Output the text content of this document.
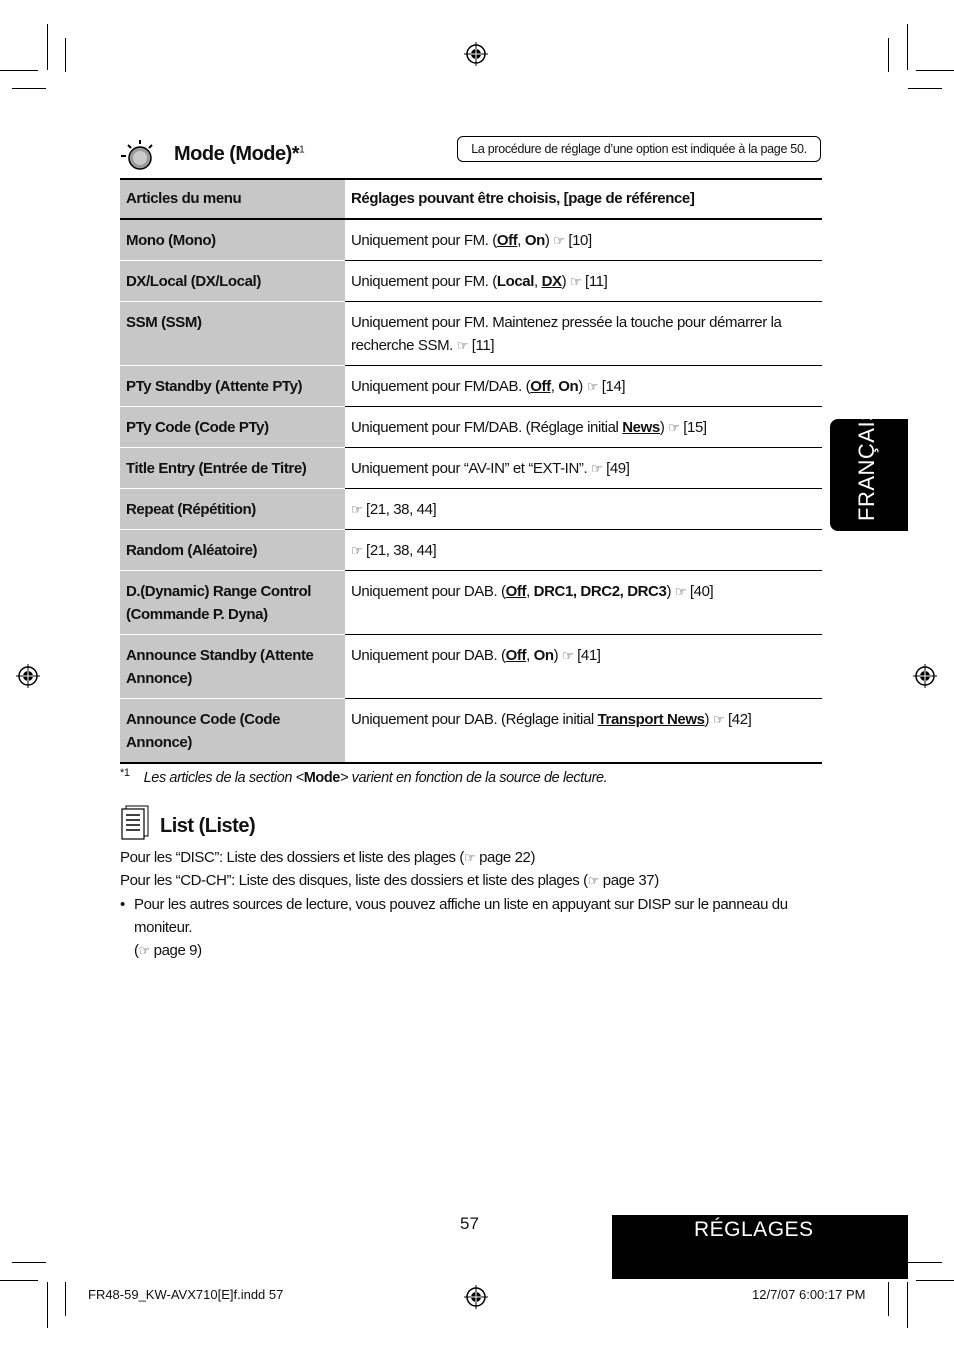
Mode (Mode)*$^1$	La procédure de réglage d’une option est indiquée à la page 50.
Articles du menu	Réglages pouvant être choisis, [page de référence]
Mono (Mono)	Uniquement pour FM. (Off, On) ☞ [10]
DX/Local (DX/Local)	Uniquement pour FM. (Local, DX) ☞ [11]
SSM (SSM)	Uniquement pour FM. Maintenez pressée la touche pour démarrer la recherche SSM. ☞ [11]
PTy Standby (Attente PTy)	Uniquement pour FM/DAB. (Off, On) ☞ [14]
PTy Code (Code PTy)	Uniquement pour FM/DAB. (Réglage initial News) ☞ [15]
Title Entry (Entrée de Titre)	Uniquement pour “AV-IN” et “EXT-IN”. ☞ [49]
Repeat (Répétition)	☞ [21, 38, 44]
Random (Aléatoire)	☞ [21, 38, 44]
D.(Dynamic) Range Control (Commande P. Dyna)	Uniquement pour DAB. (Off, DRC1, DRC2, DRC3) ☞ [40]
Announce Standby (Attente Annonce)	Uniquement pour DAB. (Off, On) ☞ [41]
Announce Code (Code Annonce)	Uniquement pour DAB. (Réglage initial Transport News) ☞ [42]
$^{*1}$ Les articles de la section <Mode> varient en fonction de la source de lecture.
List (Liste)
Pour les “DISC”: Liste des dossiers et liste des plages (☞ page 22)
Pour les “CD-CH”: Liste des disques, liste des dossiers et liste des plages (☞ page 37)
• Pour les autres sources de lecture, vous pouvez affiche un liste en appuyant sur DISP sur le panneau du moniteur.
(☞ page 9)
FRANÇAIS
57	RÉGLAGES
FR48-59_KW-AVX710[E]f.indd 57	12/7/07 6:00:17 PM
